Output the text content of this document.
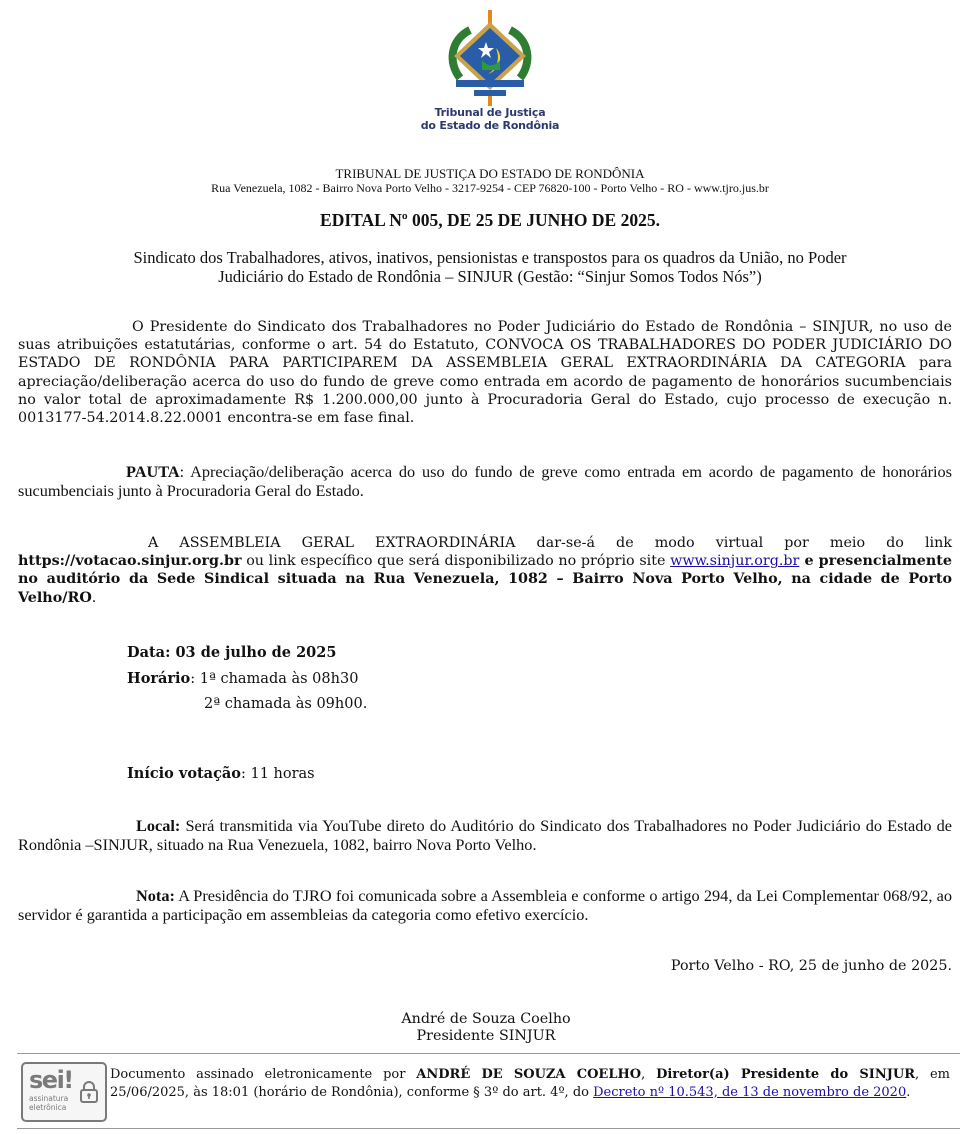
Tribunal de Justiça
do Estado de Rondônia
TRIBUNAL DE JUSTIÇA DO ESTADO DE RONDÔNIA
Rua Venezuela, 1082 - Bairro Nova Porto Velho - 3217-9254 - CEP 76820-100 - Porto Velho - RO - www.tjro.jus.br
EDITAL Nº 005, DE 25 DE JUNHO DE 2025.
Sindicato dos Trabalhadores, ativos, inativos, pensionistas e transpostos para os quadros da União, no Poder
Judiciário do Estado de Rondônia – SINJUR (Gestão: “Sinjur Somos Todos Nós”)
O Presidente do Sindicato dos Trabalhadores no Poder Judiciário do Estado de Rondônia – SINJUR, no uso de suas atribuições estatutárias, conforme o art. 54 do Estatuto, CONVOCA OS TRABALHADORES DO PODER JUDICIÁRIO DO ESTADO DE RONDÔNIA PARA PARTICIPAREM DA ASSEMBLEIA GERAL EXTRAORDINÁRIA DA CATEGORIA para apreciação/deliberação acerca do uso do fundo de greve como entrada em acordo de pagamento de honorários sucumbenciais no valor total de aproximadamente R$ 1.200.000,00 junto à Procuradoria Geral do Estado, cujo processo de execução n. 0013177-54.2014.8.22.0001 encontra-se em fase final.
PAUTA: Apreciação/deliberação acerca do uso do fundo de greve como entrada em acordo de pagamento de honorários sucumbenciais junto à Procuradoria Geral do Estado.
A ASSEMBLEIA GERAL EXTRAORDINÁRIA dar-se-á de modo virtual por meio do link https://votacao.sinjur.org.br ou link específico que será disponibilizado no próprio site www.sinjur.org.br e presencialmente no auditório da Sede Sindical situada na Rua Venezuela, 1082 – Bairro Nova Porto Velho, na cidade de Porto Velho/RO.
Data: 03 de julho de 2025
Horário: 1ª chamada às 08h30
2ª chamada às 09h00.
Início votação: 11 horas
Local: Será transmitida via YouTube direto do Auditório do Sindicato dos Trabalhadores no Poder Judiciário do Estado de Rondônia –SINJUR, situado na Rua Venezuela, 1082, bairro Nova Porto Velho.
Nota: A Presidência do TJRO foi comunicada sobre a Assembleia e conforme o artigo 294, da Lei Complementar 068/92, ao servidor é garantida a participação em assembleias da categoria como efetivo exercício.
Porto Velho - RO, 25 de junho de 2025.
André de Souza Coelho
Presidente SINJUR
sei!
assinatura
eletrônica
Documento assinado eletronicamente por ANDRÉ DE SOUZA COELHO, Diretor(a) Presidente do SINJUR, em 25/06/2025, às 18:01 (horário de Rondônia), conforme § 3º do art. 4º, do Decreto nº 10.543, de 13 de novembro de 2020.
